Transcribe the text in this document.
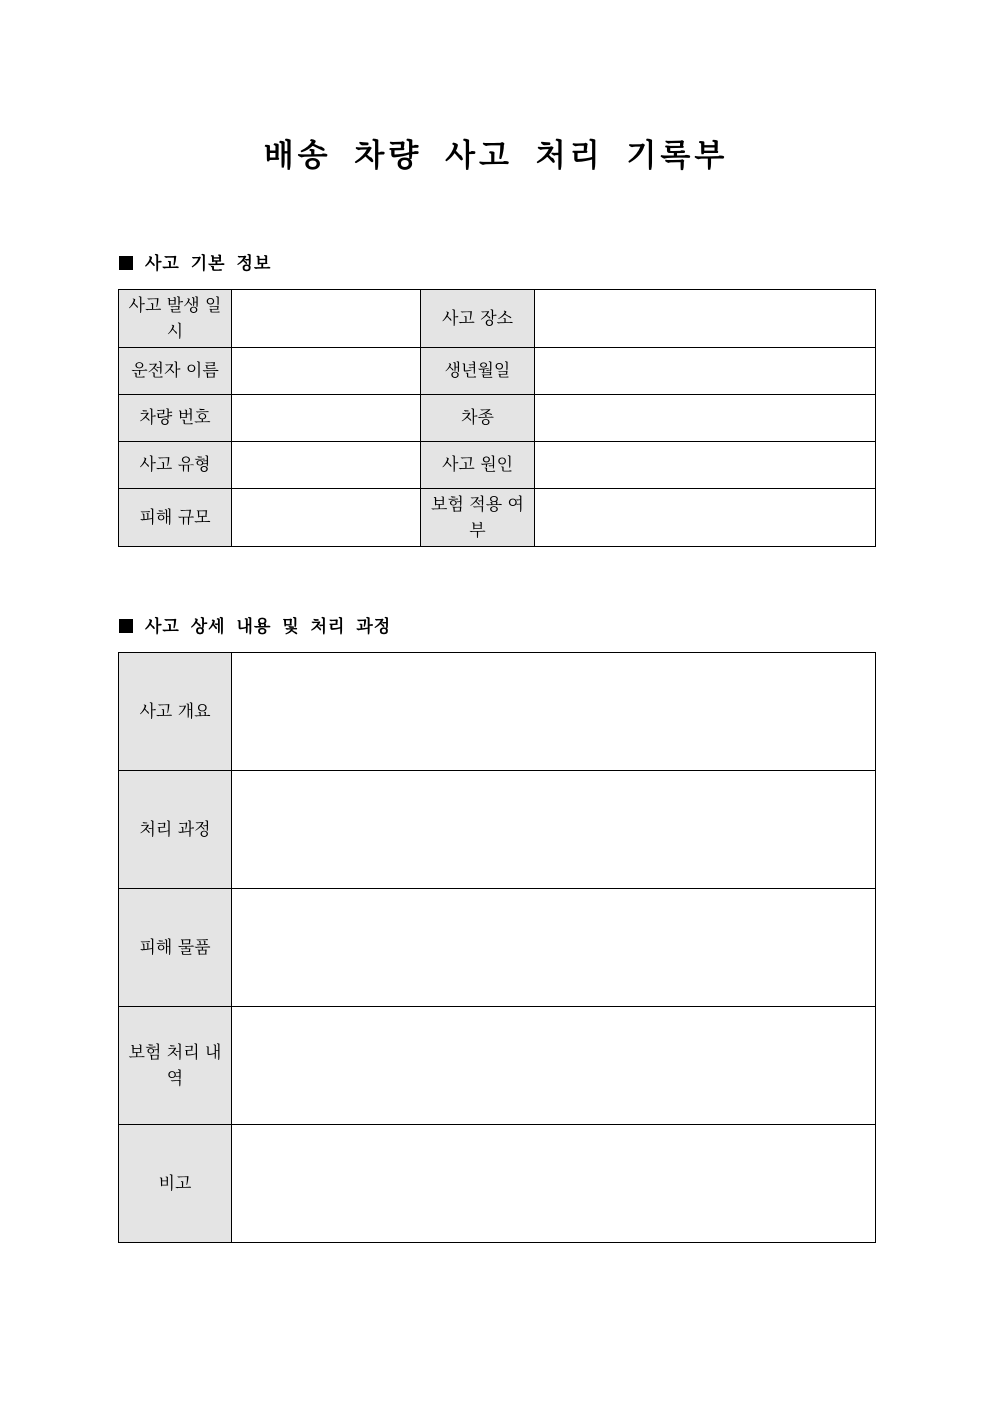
배송 차량 사고 처리 기록부
사고 기본 정보
사고 발생 일시		사고 장소	
운전자 이름		생년월일	
차량 번호		차종	
사고 유형		사고 원인	
피해 규모		보험 적용 여부	
사고 상세 내용 및 처리 과정
사고 개요	
처리 과정	
피해 물품	
보험 처리 내역	
비고	
